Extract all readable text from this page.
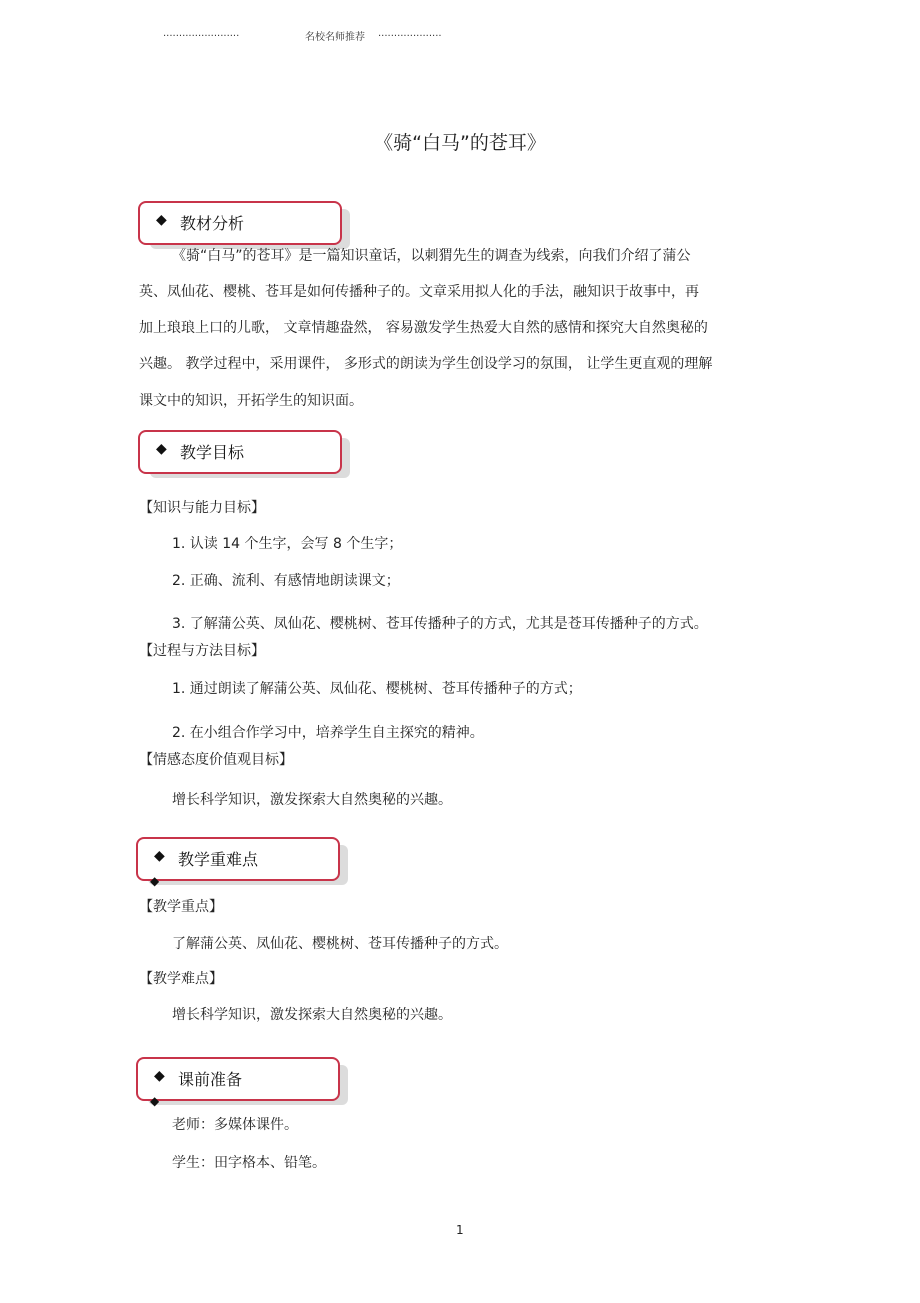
........................	名校名师推荐 ....................
《骑“白马”的苍耳》
◆ 教材分析
《骑“白马”的苍耳》是一篇知识童话，以刺猬先生的调查为线索，向我们介绍了蒲公
英、凤仙花、樱桃、苍耳是如何传播种子的。文章采用拟人化的手法，融知识于故事中，再
加上琅琅上口的儿歌， 文章情趣盎然， 容易激发学生热爱大自然的感情和探究大自然奥秘的
兴趣。 教学过程中，采用课件， 多形式的朗读为学生创设学习的氛围， 让学生更直观的理解
课文中的知识，开拓学生的知识面。
◆ 教学目标
【知识与能力目标】
1. 认读 14 个生字，会写 8 个生字；
2. 正确、流利、有感情地朗读课文；
3. 了解蒲公英、凤仙花、樱桃树、苍耳传播种子的方式，尤其是苍耳传播种子的方式。
【过程与方法目标】
1. 通过朗读了解蒲公英、凤仙花、樱桃树、苍耳传播种子的方式；
2. 在小组合作学习中，培养学生自主探究的精神。
【情感态度价值观目标】
增长科学知识，激发探索大自然奥秘的兴趣。
◆ 教学重难点
◆
【教学重点】
了解蒲公英、凤仙花、樱桃树、苍耳传播种子的方式。
【教学难点】
增长科学知识，激发探索大自然奥秘的兴趣。
◆ 课前准备
◆
老师：多媒体课件。
学生：田字格本、铅笔。
1
